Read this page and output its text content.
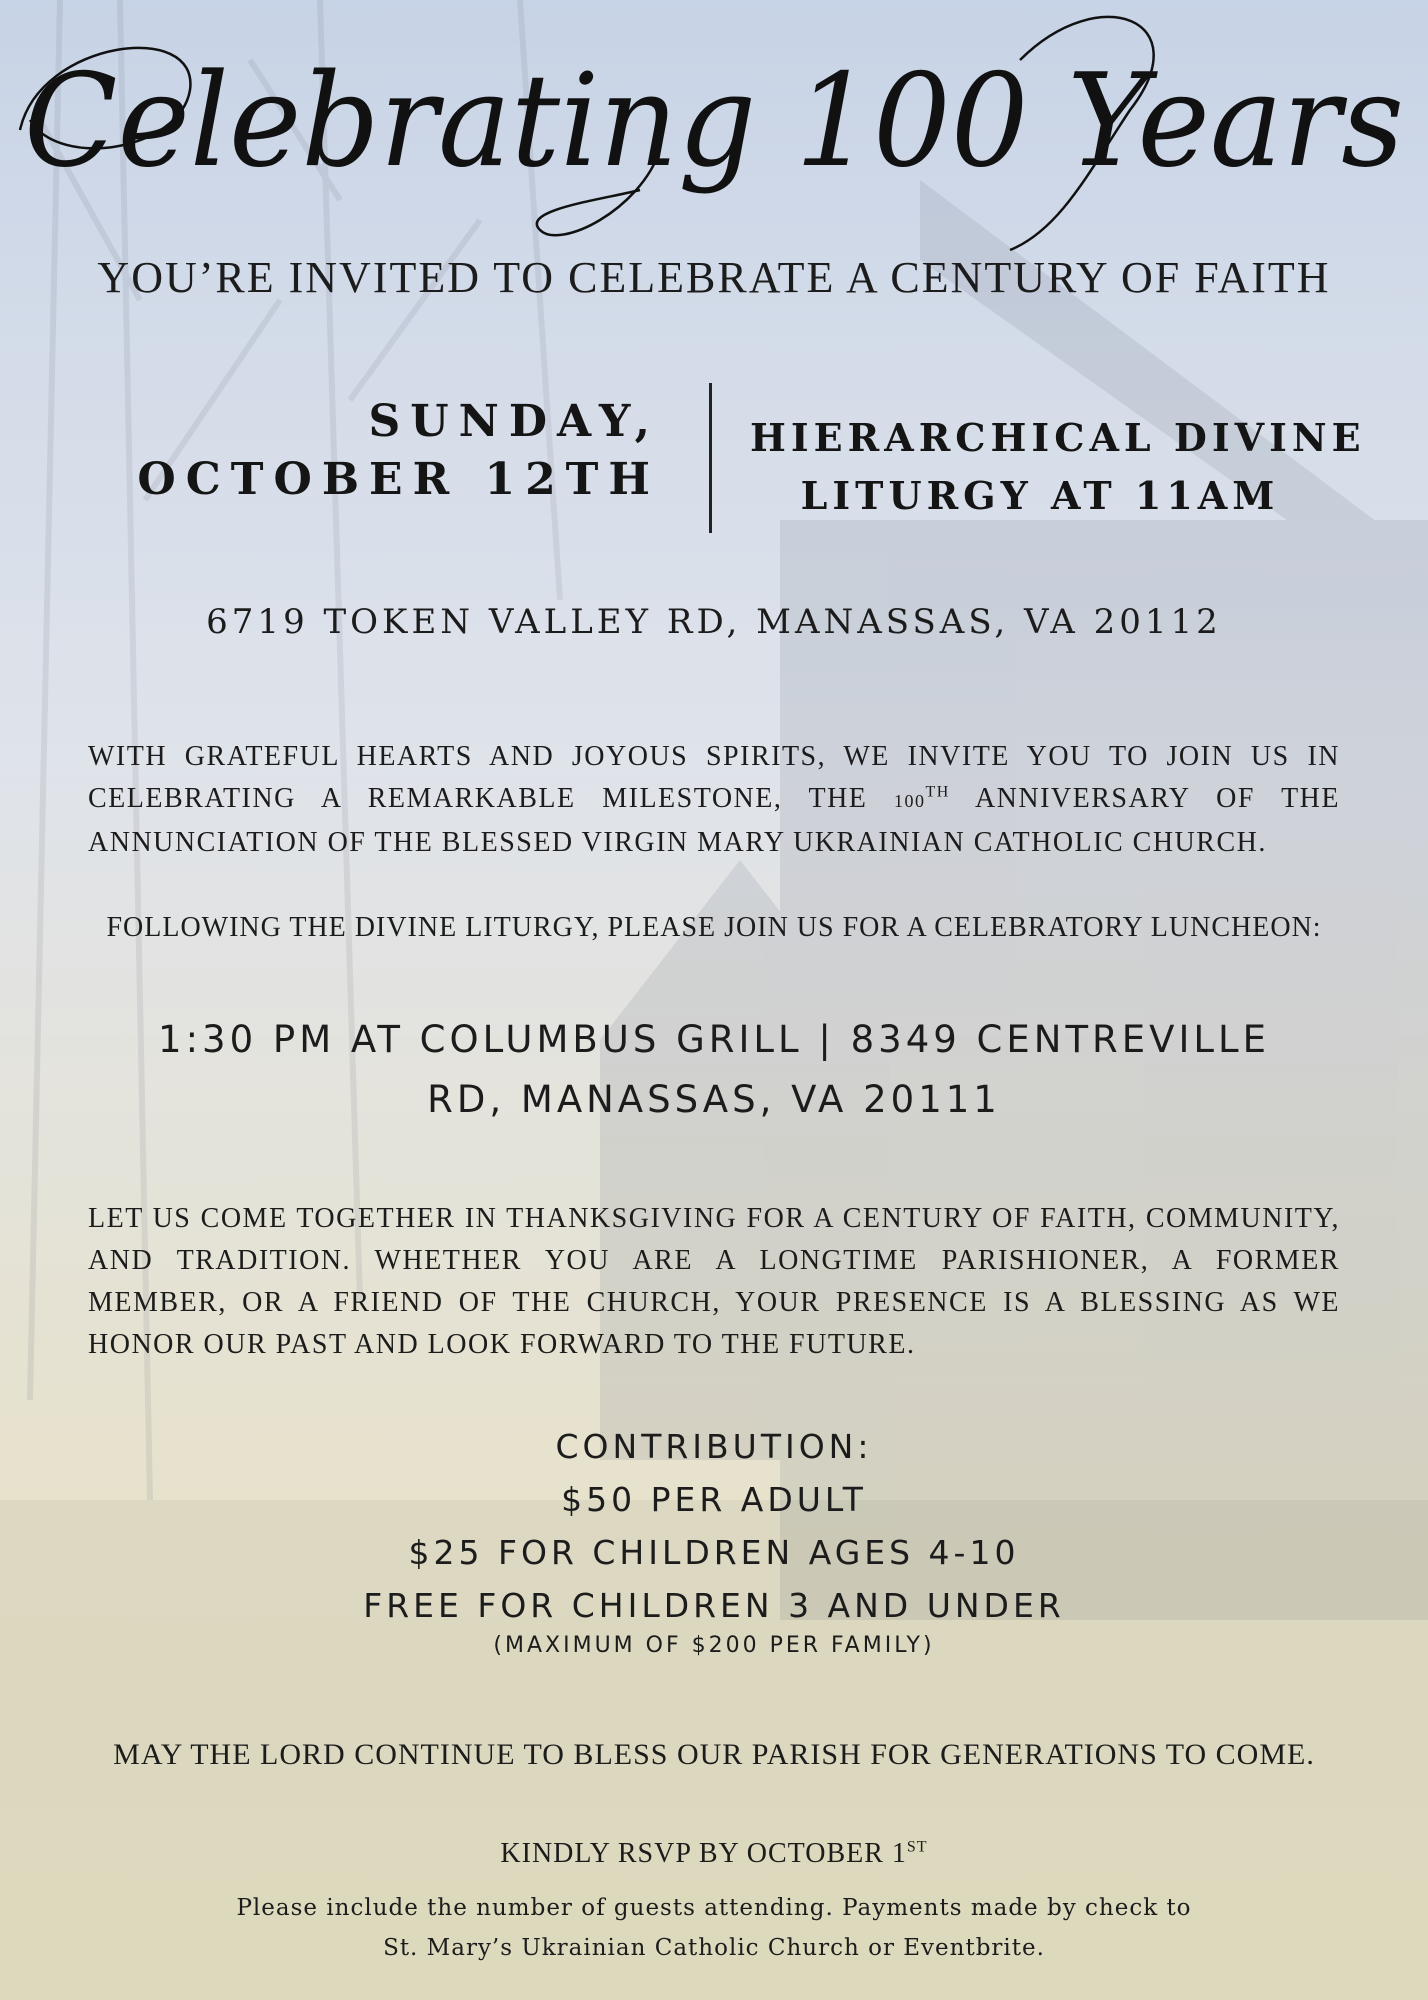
Celebrating 100 Years
YOU’RE INVITED TO CELEBRATE A CENTURY OF FAITH
SUNDAY,
OCTOBER 12TH
HIERARCHICAL DIVINE
LITURGY AT 11AM
6719 TOKEN VALLEY RD, MANASSAS, VA 20112
WITH GRATEFUL HEARTS AND JOYOUS SPIRITS, WE INVITE YOU TO JOIN US IN CELEBRATING A REMARKABLE MILESTONE, THE 100TH ANNIVERSARY OF THE ANNUNCIATION OF THE BLESSED VIRGIN MARY UKRAINIAN CATHOLIC CHURCH.
FOLLOWING THE DIVINE LITURGY, PLEASE JOIN US FOR A CELEBRATORY LUNCHEON:
1:30 PM AT COLUMBUS GRILL | 8349 CENTREVILLE
RD, MANASSAS, VA 20111
LET US COME TOGETHER IN THANKSGIVING FOR A CENTURY OF FAITH, COMMUNITY, AND TRADITION. WHETHER YOU ARE A LONGTIME PARISHIONER, A FORMER MEMBER, OR A FRIEND OF THE CHURCH, YOUR PRESENCE IS A BLESSING AS WE HONOR OUR PAST AND LOOK FORWARD TO THE FUTURE.
CONTRIBUTION:
$50 PER ADULT
$25 FOR CHILDREN AGES 4-10
FREE FOR CHILDREN 3 AND UNDER
(MAXIMUM OF $200 PER FAMILY)
MAY THE LORD CONTINUE TO BLESS OUR PARISH FOR GENERATIONS TO COME.
KINDLY RSVP BY OCTOBER 1ST
Please include the number of guests attending. Payments made by check to
St. Mary’s Ukrainian Catholic Church or Eventbrite.
